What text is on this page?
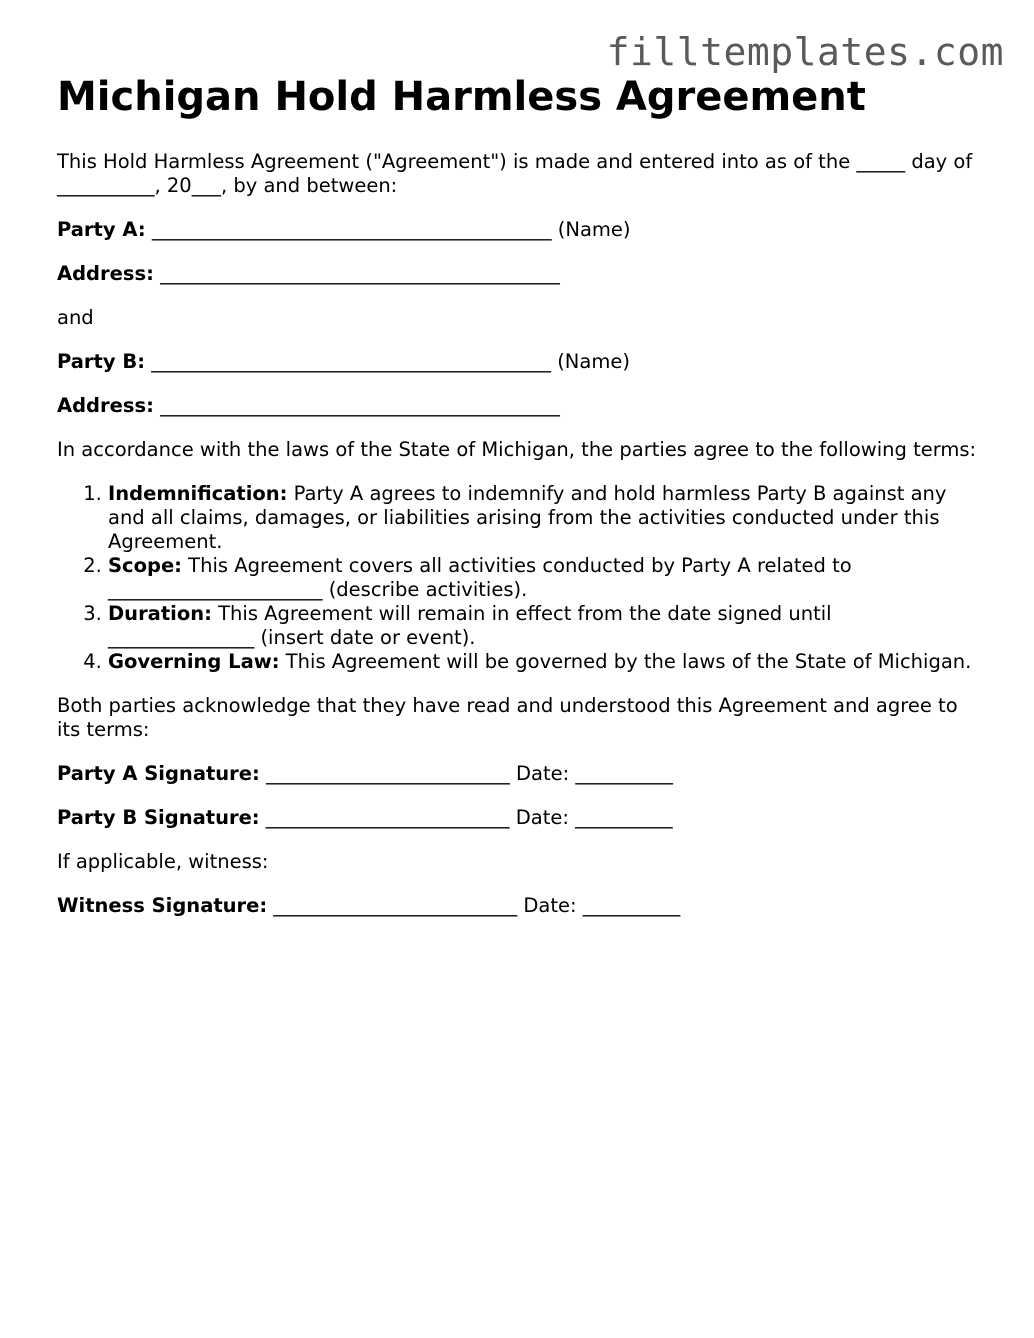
filltemplates.com
Michigan Hold Harmless Agreement

This Hold Harmless Agreement ("Agreement") is made and entered into as of the _____ day of __________, 20___, by and between:

Party A: _________________________________________ (Name)

Address: _________________________________________

and

Party B: _________________________________________ (Name)

Address: _________________________________________

In accordance with the laws of the State of Michigan, the parties agree to the following terms:

1. Indemnification: Party A agrees to indemnify and hold harmless Party B against any and all claims, damages, or liabilities arising from the activities conducted under this Agreement.
2. Scope: This Agreement covers all activities conducted by Party A related to ______________________ (describe activities).
3. Duration: This Agreement will remain in effect from the date signed until _______________ (insert date or event).
4. Governing Law: This Agreement will be governed by the laws of the State of Michigan.

Both parties acknowledge that they have read and understood this Agreement and agree to its terms:

Party A Signature: _________________________ Date: __________

Party B Signature: _________________________ Date: __________

If applicable, witness:

Witness Signature: _________________________ Date: __________
